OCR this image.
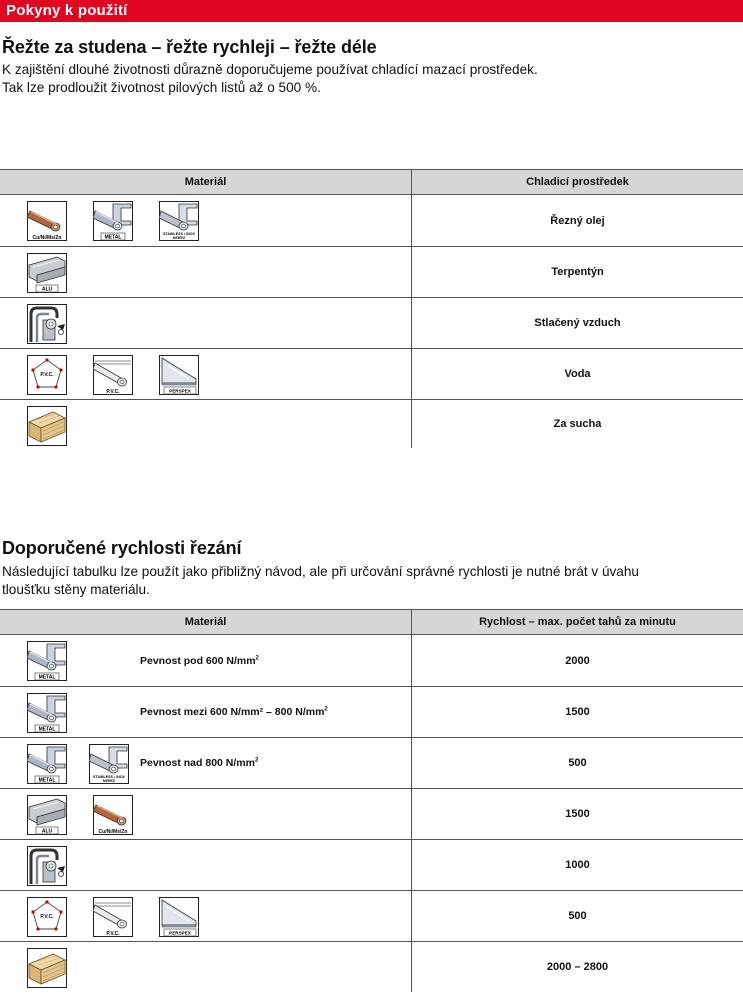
Pokyny k použití
Řežte za studena – řežte rychleji – řežte déle

K zajištění dlouhé životnosti důrazně doporučujeme používat chladící mazací prostředek.

Tak lze prodloužit životnost pilových listů až o 500 %.

Materiál	Chladicí prostředek

Cu/Ni/Ms/Zn METAL
STAINLESS • INOX
NEREZ	Řezný olej

ALU	Terpentýn

	Stlačený vzduch

P.V.C.
P.V.C. PERSPEX	Voda

	Za sucha
Doporučené rychlosti řezání

Následující tabulku lze použít jako přibližný návod, ale při určování správné rychlosti je nutné brát v úvahu

tloušťku stěny materiálu.

Materiál	Rychlost – max. počet tahů za minutu

METAL
Pevnost pod 600 $N/mm^2$	2000

METAL
Pevnost mezi 600 N/mm² – 800 $N/mm^2$	1500

METAL
STAINLESS • INOX
NEREZ
Pevnost nad 800 $N/mm^2$	500

ALU Cu/Ni/Ms/Zn	1500

	1000

P.V.C.
P.V.C. PERSPEX	500

	2000 – 2800
